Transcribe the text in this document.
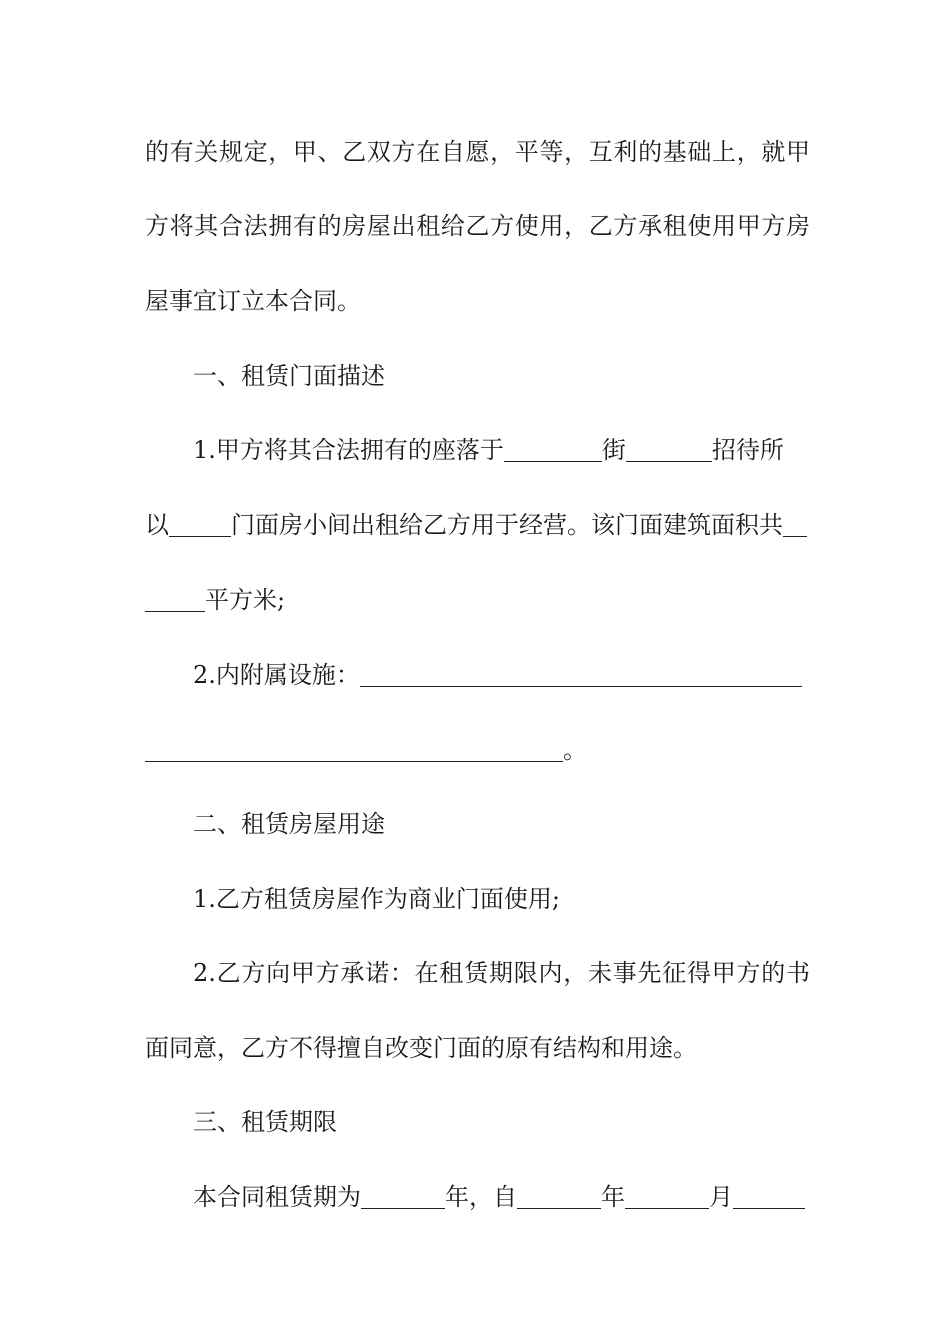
的有关规定，甲、乙双方在自愿，平等，互利的基础上，就甲
方将其合法拥有的房屋出租给乙方使用，乙方承租使用甲方房
屋事宜订立本合同。
一、租赁门面描述
1.甲方将其合法拥有的座落于	街	招待所
以	门面房小间出租给乙方用于经营。该门面建筑面积共
平方米;
2.内附属设施：
。
二、租赁房屋用途
1.乙方租赁房屋作为商业门面使用;
2.乙方向甲方承诺：在租赁期限内，未事先征得甲方的书
面同意，乙方不得擅自改变门面的原有结构和用途。
三、租赁期限
本合同租赁期为	年，自	年	月
